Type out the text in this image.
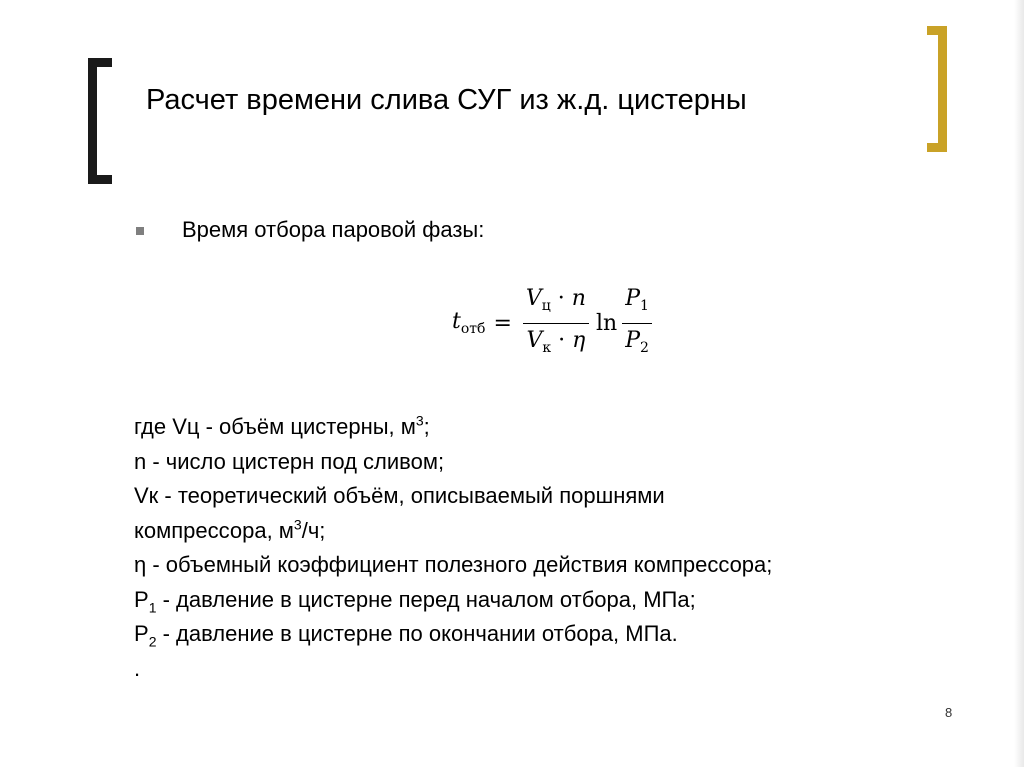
Расчет времени слива СУГ из ж.д. цистерны
Время отбора паровой фазы:
$t_{отб} = \frac{V_ц \cdot n}{V_к \cdot \eta}$ $\ln \frac{P_1}{P_2}$
где Vц - объём цистерны, $м^3$;
n - число цистерн под сливом;
Vк - теоретический объём, описываемый поршнями
компрессора, $м^3/ч$;
η - объемный коэффициент полезного действия компрессора;
$P_1$ - давление в цистерне перед началом отбора, МПа;
$P_2$ - давление в цистерне по окончании отбора, МПа.
.
8
